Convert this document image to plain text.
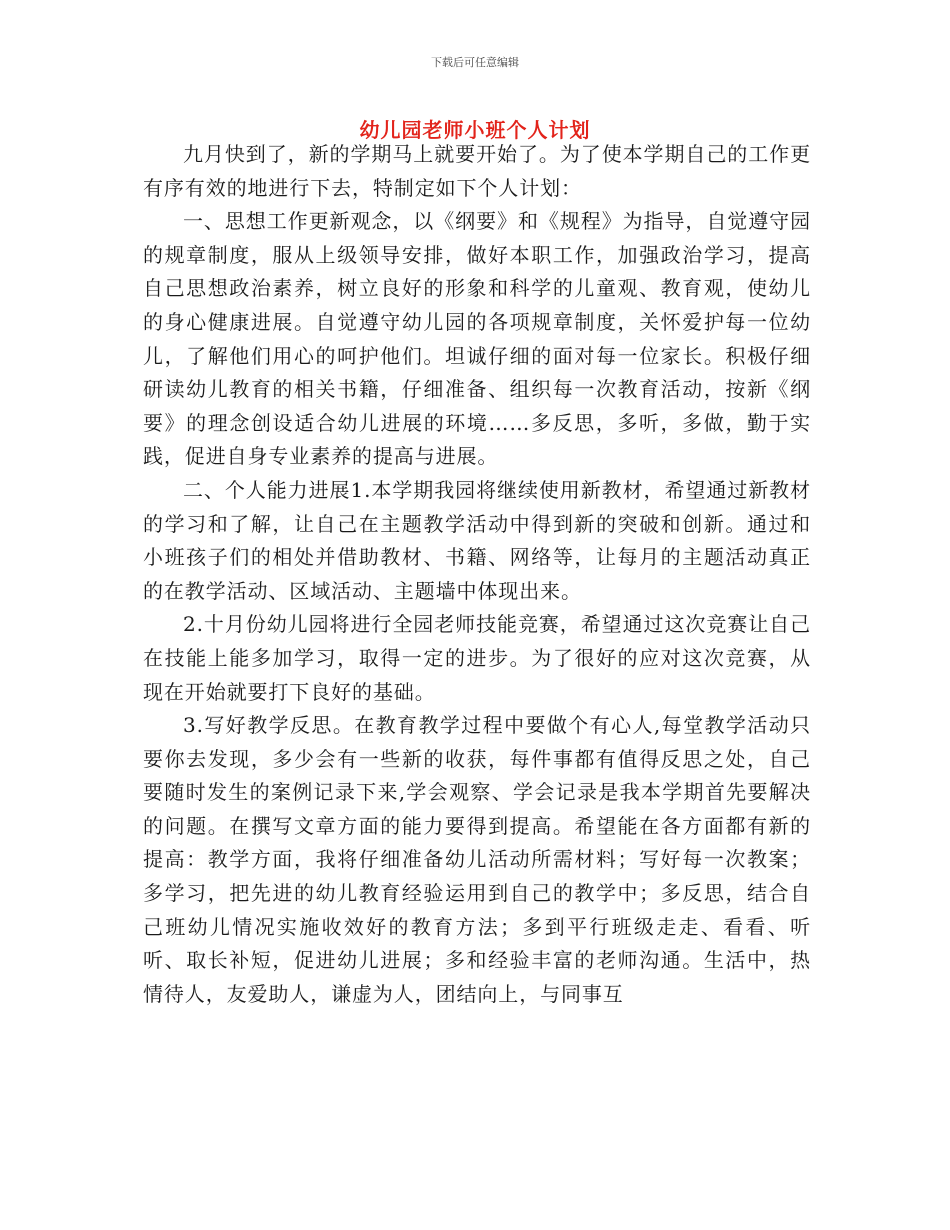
下载后可任意编辑
幼儿园老师小班个人计划

九月快到了，新的学期马上就要开始了。为了使本学期自己的工作更有序有效的地进行下去，特制定如下个人计划：

一、思想工作更新观念，以《纲要》和《规程》为指导，自觉遵守园的规章制度，服从上级领导安排，做好本职工作，加强政治学习，提高自己思想政治素养，树立良好的形象和科学的儿童观、教育观，使幼儿的身心健康进展。自觉遵守幼儿园的各项规章制度，关怀爱护每一位幼儿，了解他们用心的呵护他们。坦诚仔细的面对每一位家长。积极仔细研读幼儿教育的相关书籍，仔细准备、组织每一次教育活动，按新《纲要》的理念创设适合幼儿进展的环境……多反思，多听，多做，勤于实践，促进自身专业素养的提高与进展。

二、个人能力进展1.本学期我园将继续使用新教材，希望通过新教材的学习和了解，让自己在主题教学活动中得到新的突破和创新。通过和小班孩子们的相处并借助教材、书籍、网络等，让每月的主题活动真正的在教学活动、区域活动、主题墙中体现出来。

2.十月份幼儿园将进行全园老师技能竞赛，希望通过这次竞赛让自己在技能上能多加学习，取得一定的进步。为了很好的应对这次竞赛，从现在开始就要打下良好的基础。

3.写好教学反思。在教育教学过程中要做个有心人,每堂教学活动只要你去发现，多少会有一些新的收获，每件事都有值得反思之处，自己要随时发生的案例记录下来,学会观察、学会记录是我本学期首先要解决的问题。在撰写文章方面的能力要得到提高。希望能在各方面都有新的提高：教学方面，我将仔细准备幼儿活动所需材料；写好每一次教案；多学习，把先进的幼儿教育经验运用到自己的教学中；多反思，结合自己班幼儿情况实施收效好的教育方法；多到平行班级走走、看看、听听、取长补短，促进幼儿进展；多和经验丰富的老师沟通。生活中，热情待人，友爱助人，谦虚为人，团结向上，与同事互
